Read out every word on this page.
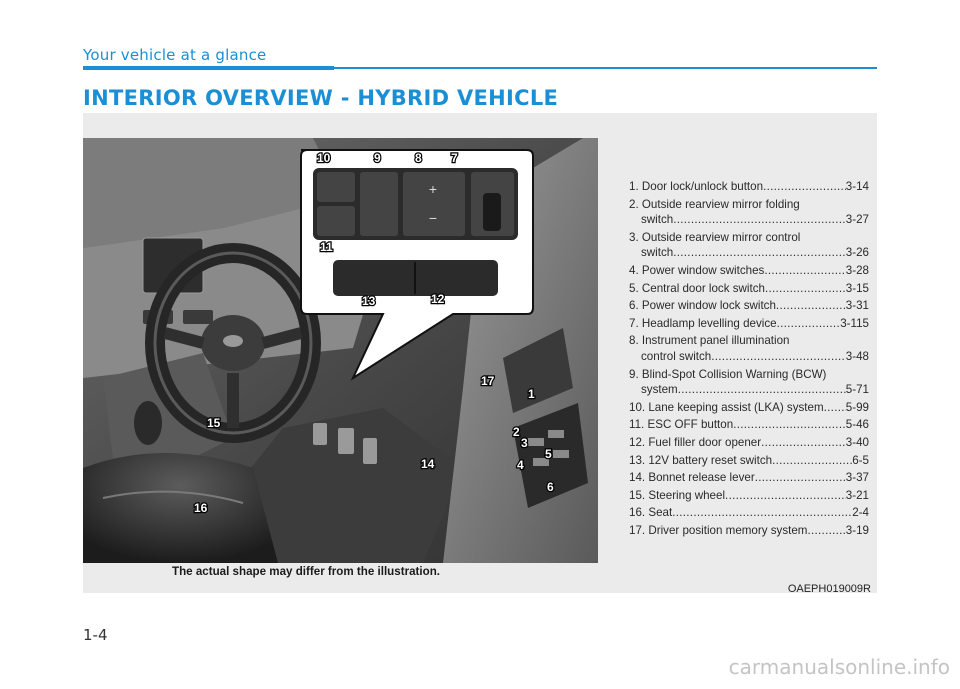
Your vehicle at a glance
INTERIOR OVERVIEW - HYBRID VEHICLE
+
−
10	9	8 7
11
13	12
17
1
2
3
5
4
6
14
15
16
1. Door lock/unlock button .....	3-14
2. Outside rearview mirror folding
switch .....	3-27
3. Outside rearview mirror control
switch .....	3-26
4. Power window switches .....	3-28
5. Central door lock switch .....	3-15
6. Power window lock switch .....	3-31
7. Headlamp levelling device .....	3-115
8. Instrument panel illumination
control switch .....	3-48
9. Blind-Spot Collision Warning (BCW)
system .....	5-71
10. Lane keeping assist (LKA) system ..... 5-99
11. ESC OFF button .....	5-46
12. Fuel filler door opener .....	3-40
13. 12V battery reset switch .....	6-5
14. Bonnet release lever .....	3-37
15. Steering wheel .....	3-21
16. Seat .....	2-4
17. Driver position memory system .....	3-19
The actual shape may differ from the illustration.
OAEPH019009R
1-4
carmanualsonline.info
